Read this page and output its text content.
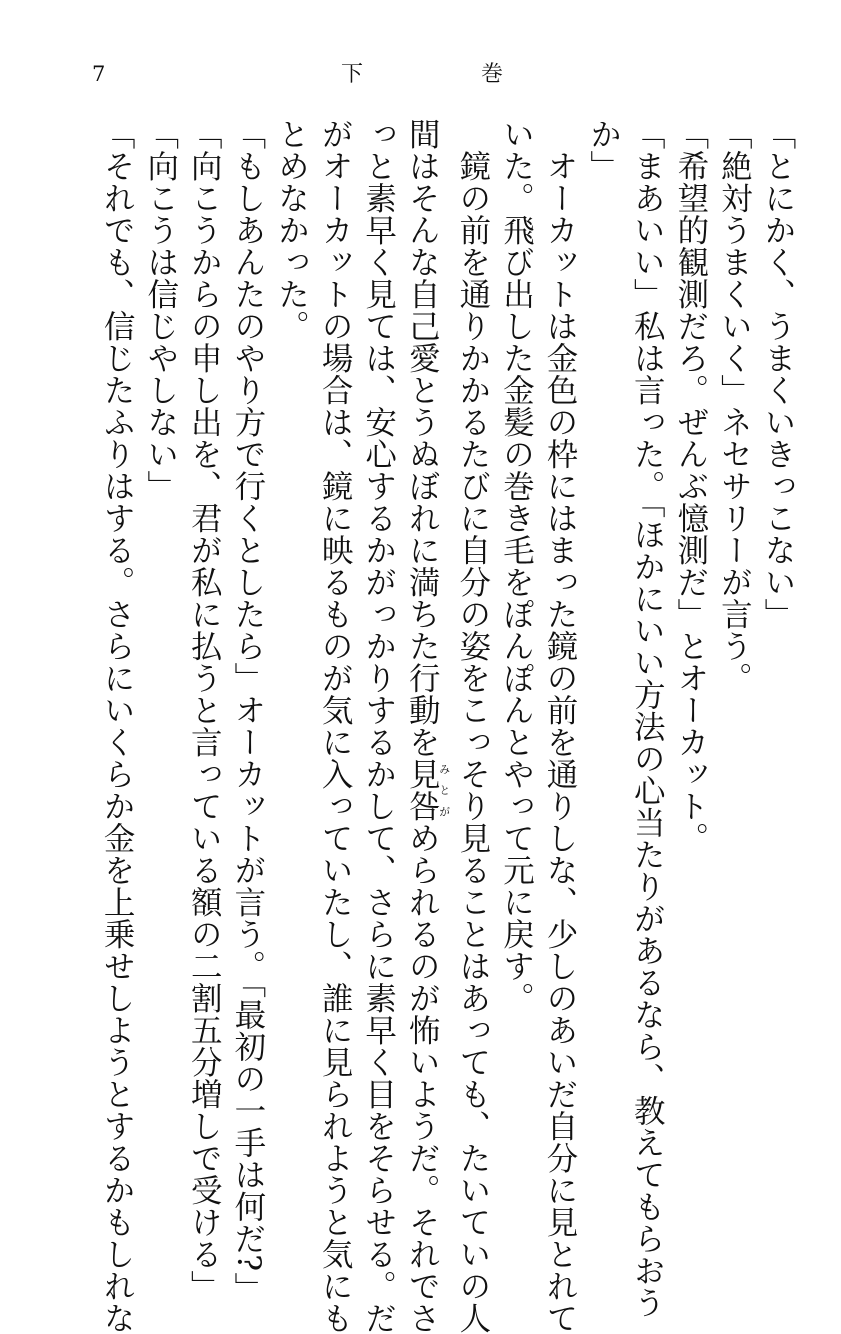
7	下巻
「とにかく、うまくいきっこない」
「絶対うまくいく」ネセサリーが言う。
「希望的観測だろ。ぜんぶ憶測だ」とオーカット。
「まあいい」私は言った。「ほかにいい方法の心当たりがあるなら、教えてもらおう
か」
オーカットは金色の枠にはまった鏡の前を通りしな、少しのあいだ自分に見とれて
いた。飛び出した金髪の巻き毛をぽんぽんとやって元に戻す。
　鏡の前を通りかかるたびに自分の姿をこっそり見ることはあっても、たいていの人
間はそんな自己愛とうぬぼれに満ちた行動を見咎みとがめられるのが怖いようだ。それでさ
っと素早く見ては、安心するかがっかりするかして、さらに素早く目をそらせる。だ
がオーカットの場合は、鏡に映るものが気に入っていたし、誰に見られようと気にも
とめなかった。
「もしあんたのやり方で行くとしたら」オーカットが言う。「最初の一手は何だ?」
「向こうからの申し出を、君が私に払うと言っている額の二割五分増しで受ける」
「向こうは信じやしない」
「それでも、信じたふりはする。さらにいくらか金を上乗せしようとするかもしれな
